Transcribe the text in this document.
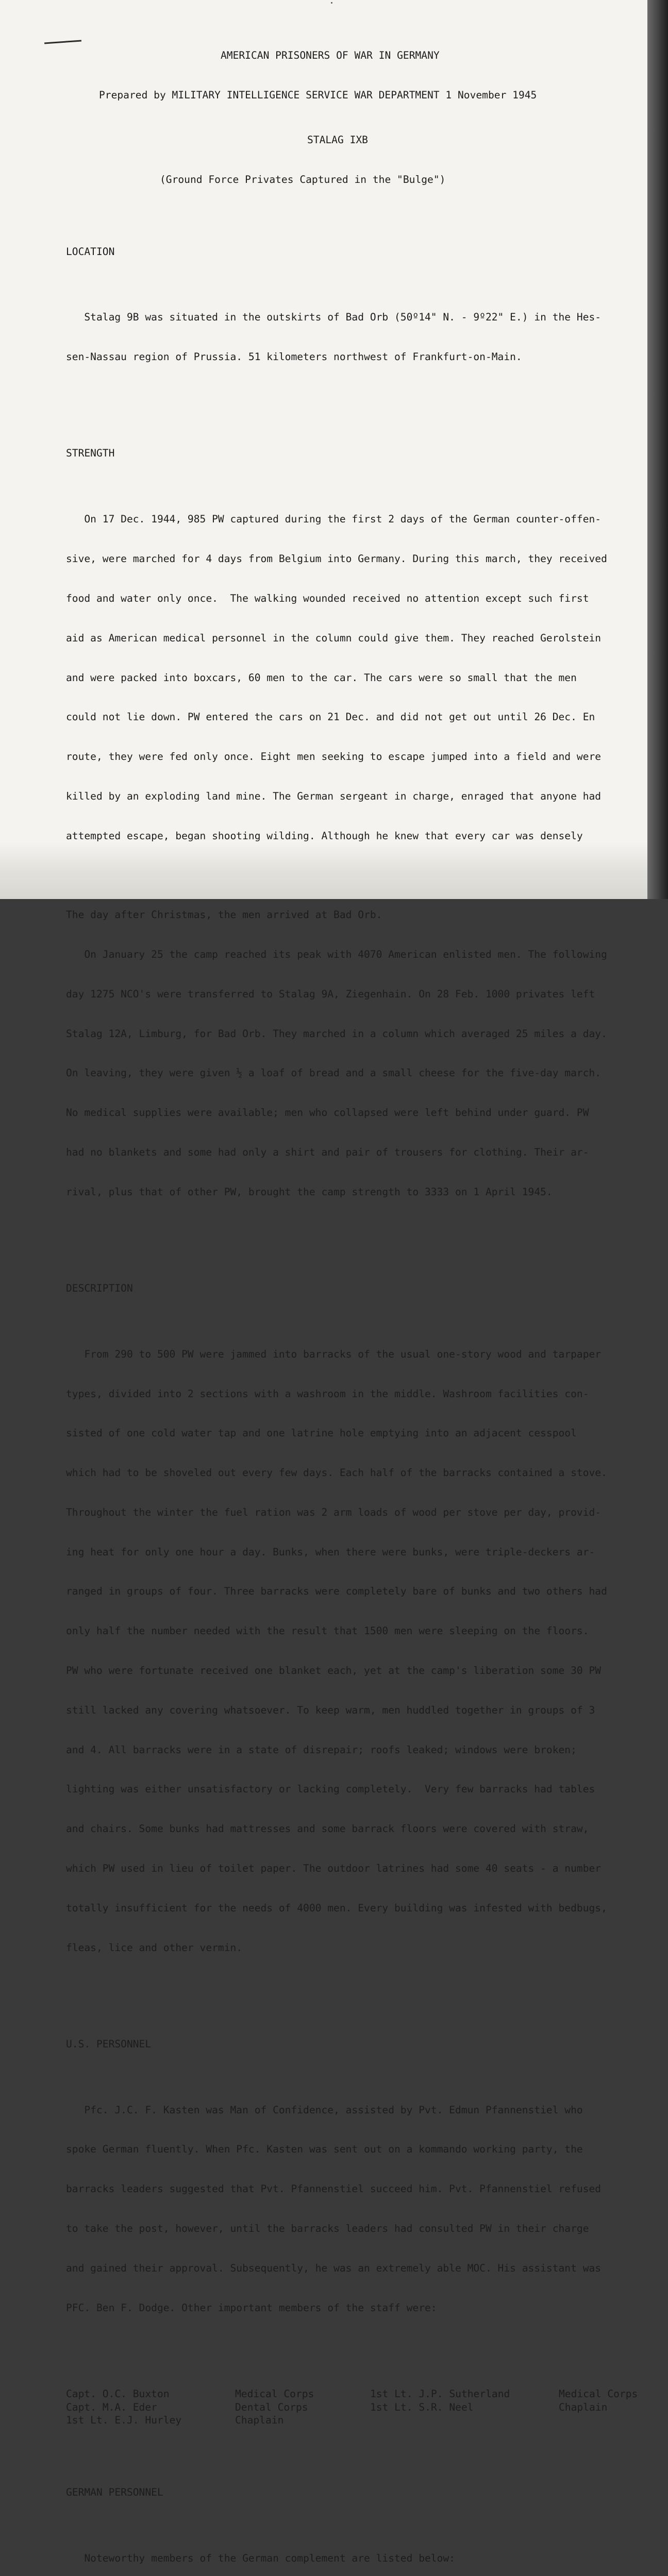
AMERICAN PRISONERS OF WAR IN GERMANY

Prepared by MILITARY INTELLIGENCE SERVICE WAR DEPARTMENT 1 November 1945

STALAG IXB

(Ground Force Privates Captured in the "Bulge")

LOCATION

Stalag 9B was situated in the outskirts of Bad Orb (50º14" N. - 9º22" E.) in the Hes-

sen-Nassau region of Prussia. 51 kilometers northwest of Frankfurt-on-Main.

STRENGTH

On 17 Dec. 1944, 985 PW captured during the first 2 days of the German counter-offen-

sive, were marched for 4 days from Belgium into Germany. During this march, they received

food and water only once.  The walking wounded received no attention except such first

aid as American medical personnel in the column could give them. They reached Gerolstein

and were packed into boxcars, 60 men to the car. The cars were so small that the men

could not lie down. PW entered the cars on 21 Dec. and did not get out until 26 Dec. En

route, they were fed only once. Eight men seeking to escape jumped into a field and were

killed by an exploding land mine. The German sergeant in charge, enraged that anyone had

attempted escape, began shooting wilding. Although he knew that every car was densely

The day after Christmas, the men arrived at Bad Orb.

On January 25 the camp reached its peak with 4070 American enlisted men. The following

day 1275 NCO's were transferred to Stalag 9A, Ziegenhain. On 28 Feb. 1000 privates left

Stalag 12A, Limburg, for Bad Orb. They marched in a column which averaged 25 miles a day.

On leaving, they were given ½ a loaf of bread and a small cheese for the five-day march.

No medical supplies were available; men who collapsed were left behind under guard. PW

had no blankets and some had only a shirt and pair of trousers for clothing. Their ar-

rival, plus that of other PW, brought the camp strength to 3333 on 1 April 1945.

DESCRIPTION

From 290 to 500 PW were jammed into barracks of the usual one-story wood and tarpaper

types, divided into 2 sections with a washroom in the middle. Washroom facilities con-

sisted of one cold water tap and one latrine hole emptying into an adjacent cesspool

which had to be shoveled out every few days. Each half of the barracks contained a stove.

Throughout the winter the fuel ration was 2 arm loads of wood per stove per day, provid-

ing heat for only one hour a day. Bunks, when there were bunks, were triple-deckers ar-

ranged in groups of four. Three barracks were completely bare of bunks and two others had

only half the number needed with the result that 1500 men were sleeping on the floors.

PW who were fortunate received one blanket each, yet at the camp's liberation some 30 PW

still lacked any covering whatsoever. To keep warm, men huddled together in groups of 3

and 4. All barracks were in a state of disrepair; roofs leaked; windows were broken;

lighting was either unsatisfactory or lacking completely.  Very few barracks had tables

and chairs. Some bunks had mattresses and some barrack floors were covered with straw,

which PW used in lieu of toilet paper. The outdoor latrines had some 40 seats - a number

totally insufficient for the needs of 4000 men. Every building was infested with bedbugs,

fleas, lice and other vermin.

U.S. PERSONNEL

Pfc. J.C. F. Kasten was Man of Confidence, assisted by Pvt. Edmun Pfannenstiel who

spoke German fluently. When Pfc. Kasten was sent out on a kommando working party, the

barracks leaders suggested that Pvt. Pfannenstiel succeed him. Pvt. Pfannenstiel refused

to take the post, however, until the barracks leaders had consulted PW in their charge

and gained their approval. Subsequently, he was an extremely able MOC. His assistant was

PFC. Ben F. Dodge. Other important members of the staff were:

Capt. O.C. Buxton	Medical Corps	1st Lt. J.P. Sutherland	Medical Corps
Capt. M.A. Eder	Dental Corps	1st Lt. S.R. Neel	Chaplain
1st Lt. E.J. Hurley	Chaplain

GERMAN PERSONNEL

Noteworthy members of the German complement are listed below:
